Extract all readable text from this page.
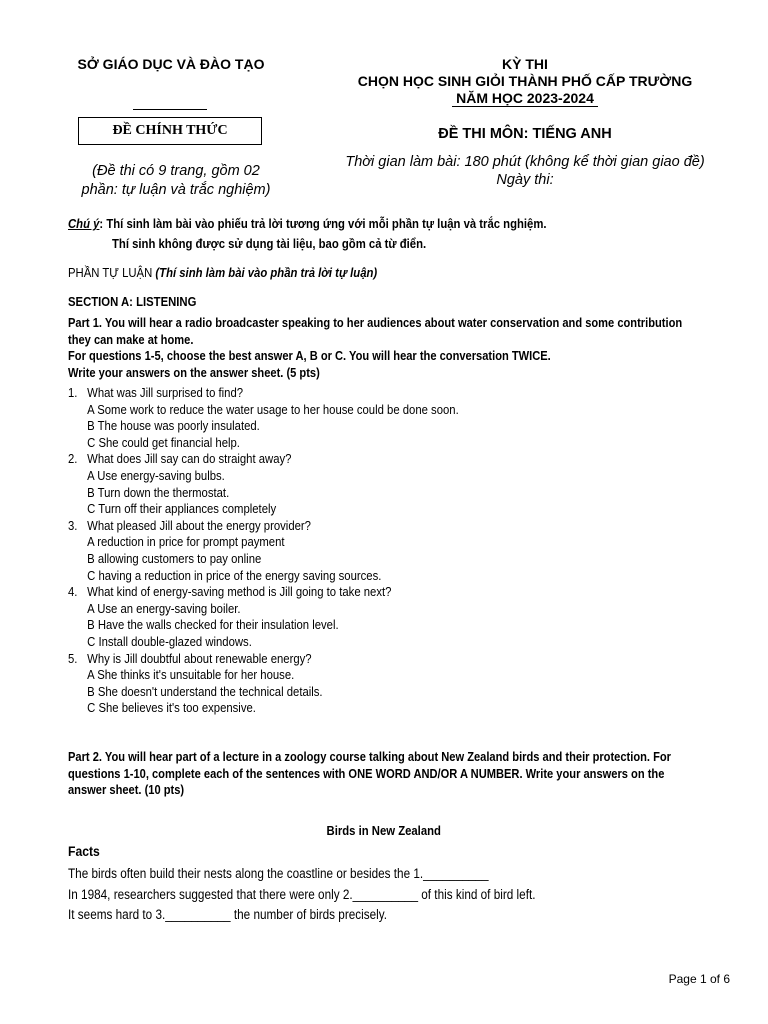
SỞ GIÁO DỤC VÀ ĐÀO TẠO
ĐỀ CHÍNH THỨC
(Đề thi có 9 trang, gồm 02
phần: tự luận và trắc nghiệm)
KỲ THI
CHỌN HỌC SINH GIỎI THÀNH PHỐ CẤP TRƯỜNG
NĂM HỌC 2023-2024
ĐỀ THI MÔN: TIẾNG ANH
Thời gian làm bài: 180 phút (không kể thời gian giao đề)
Ngày thi:
Chú ý: Thí sinh làm bài vào phiếu trả lời tương ứng với mỗi phần tự luận và trắc nghiệm.
Thí sinh không được sử dụng tài liệu, bao gồm cả từ điển.
PHẦN TỰ LUẬN (Thí sinh làm bài vào phần trả lời tự luận)
SECTION A: LISTENING
Part 1. You will hear a radio broadcaster speaking to her audiences about water conservation and some contribution
they can make at home.
For questions 1-5, choose the best answer A, B or C. You will hear the conversation TWICE.
Write your answers on the answer sheet. (5 pts)
1. What was Jill surprised to find?
A Some work to reduce the water usage to her house could be done soon.
B The house was poorly insulated.
C She could get financial help.
2. What does Jill say can do straight away?
A Use energy-saving bulbs.
B Turn down the thermostat.
C Turn off their appliances completely
3. What pleased Jill about the energy provider?
A reduction in price for prompt payment
B allowing customers to pay online
C having a reduction in price of the energy saving sources.
4. What kind of energy-saving method is Jill going to take next?
A Use an energy-saving boiler.
B Have the walls checked for their insulation level.
C Install double-glazed windows.
5. Why is Jill doubtful about renewable energy?
A She thinks it's unsuitable for her house.
B She doesn't understand the technical details.
C She believes it's too expensive.
Part 2. You will hear part of a lecture in a zoology course talking about New Zealand birds and their protection. For
questions 1-10, complete each of the sentences with ONE WORD AND/OR A NUMBER. Write your answers on the
answer sheet. (10 pts)
Birds in New Zealand
Facts
The birds often build their nests along the coastline or besides the 1.__________
In 1984, researchers suggested that there were only 2.__________ of this kind of bird left.
It seems hard to 3.__________ the number of birds precisely.
Page 1 of 6
